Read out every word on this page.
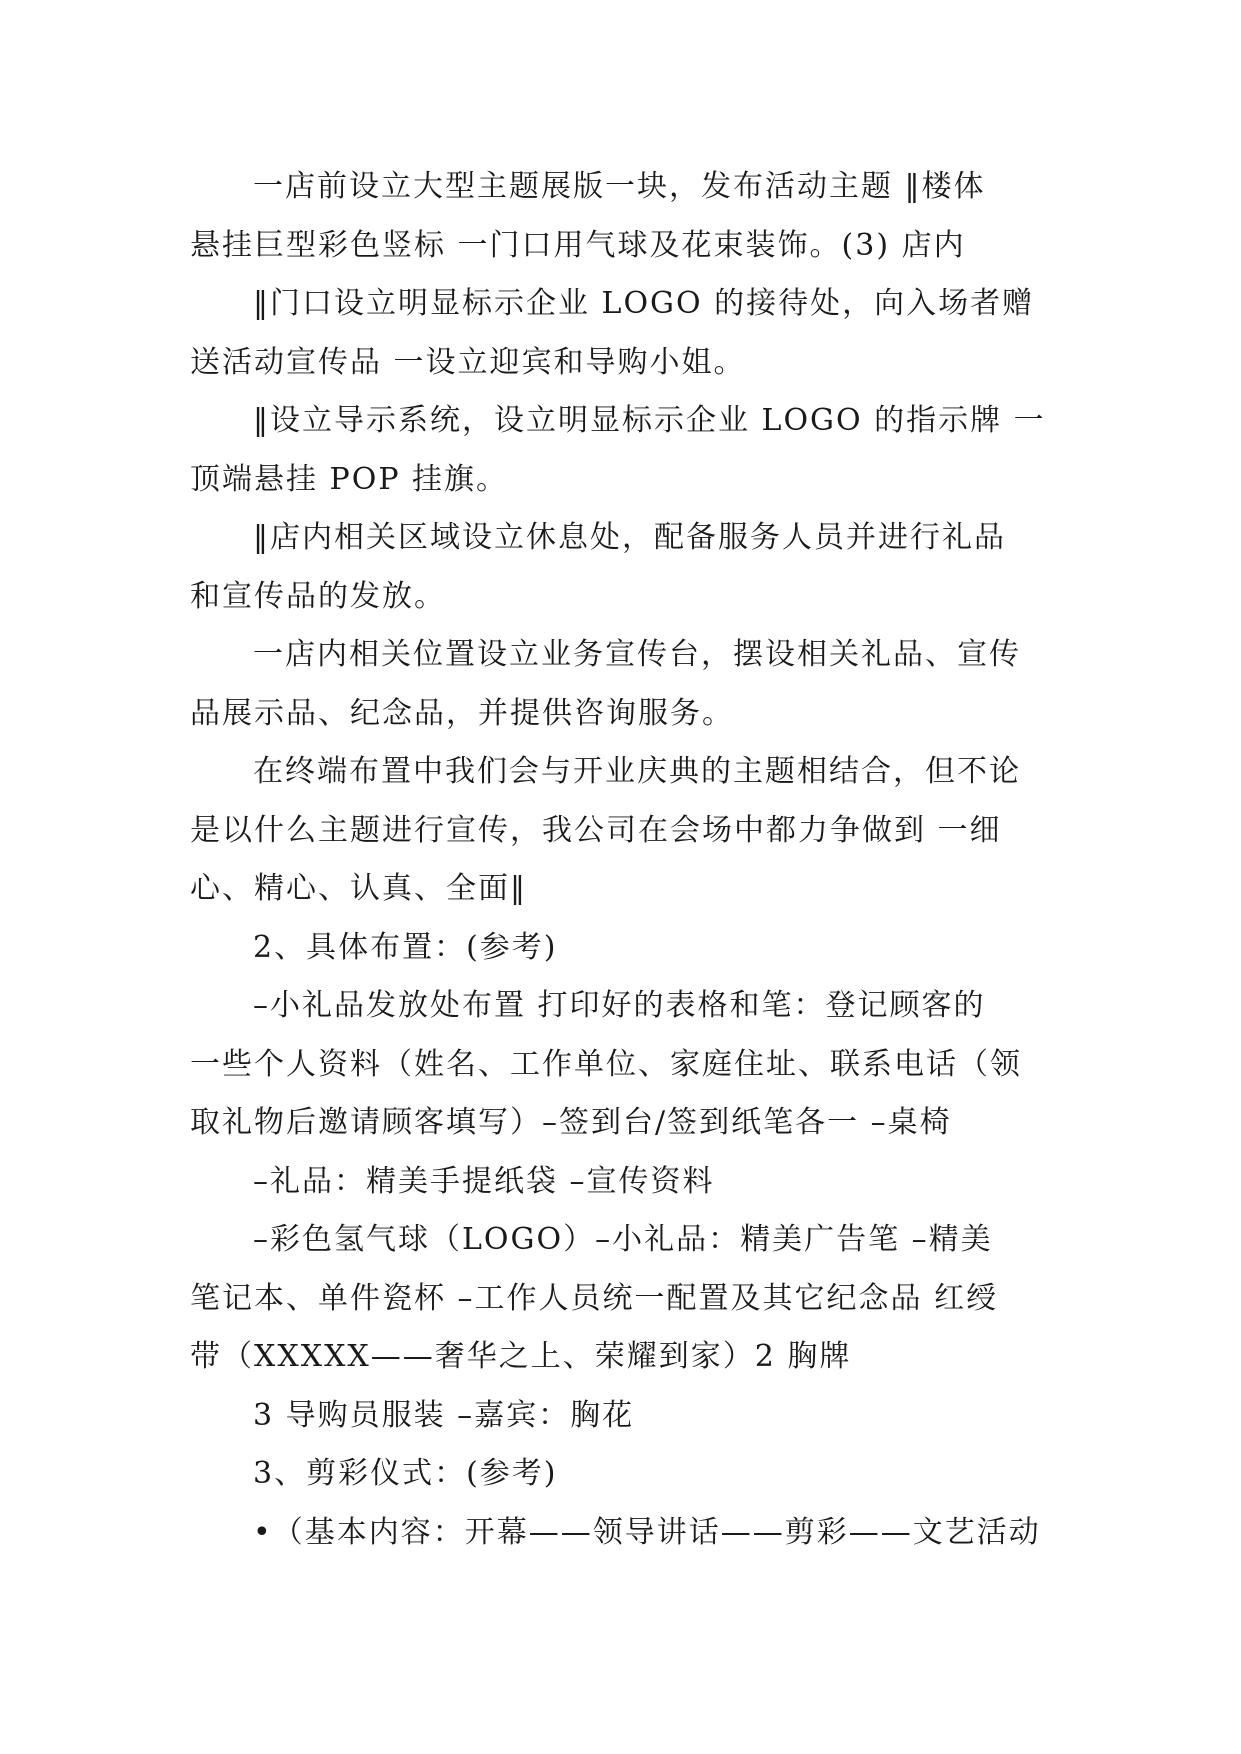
一店前设立大型主题展版一块，发布活动主题 ‖楼体
悬挂巨型彩色竖标 一门口用气球及花束装饰。(3) 店内
‖门口设立明显标示企业 LOGO 的接待处，向入场者赠
送活动宣传品 一设立迎宾和导购小姐。
‖设立导示系统，设立明显标示企业 LOGO 的指示牌 一
顶端悬挂 POP 挂旗。
‖店内相关区域设立休息处，配备服务人员并进行礼品
和宣传品的发放。
一店内相关位置设立业务宣传台，摆设相关礼品、宣传
品展示品、纪念品，并提供咨询服务。
在终端布置中我们会与开业庆典的主题相结合，但不论
是以什么主题进行宣传，我公司在会场中都力争做到 一细
心、精心、认真、全面‖
2、具体布置：(参考)
–小礼品发放处布置 打印好的表格和笔：登记顾客的
一些个人资料（姓名、工作单位、家庭住址、联系电话（领
取礼物后邀请顾客填写）–签到台/签到纸笔各一 –桌椅
–礼品：精美手提纸袋 –宣传资料
–彩色氢气球（LOGO）–小礼品：精美广告笔 –精美
笔记本、单件瓷杯 –工作人员统一配置及其它纪念品 红绶
带（XXXXX——奢华之上、荣耀到家）2 胸牌
3 导购员服装 –嘉宾：胸花
3、剪彩仪式：(参考)
•（基本内容：开幕——领导讲话——剪彩——文艺活动
